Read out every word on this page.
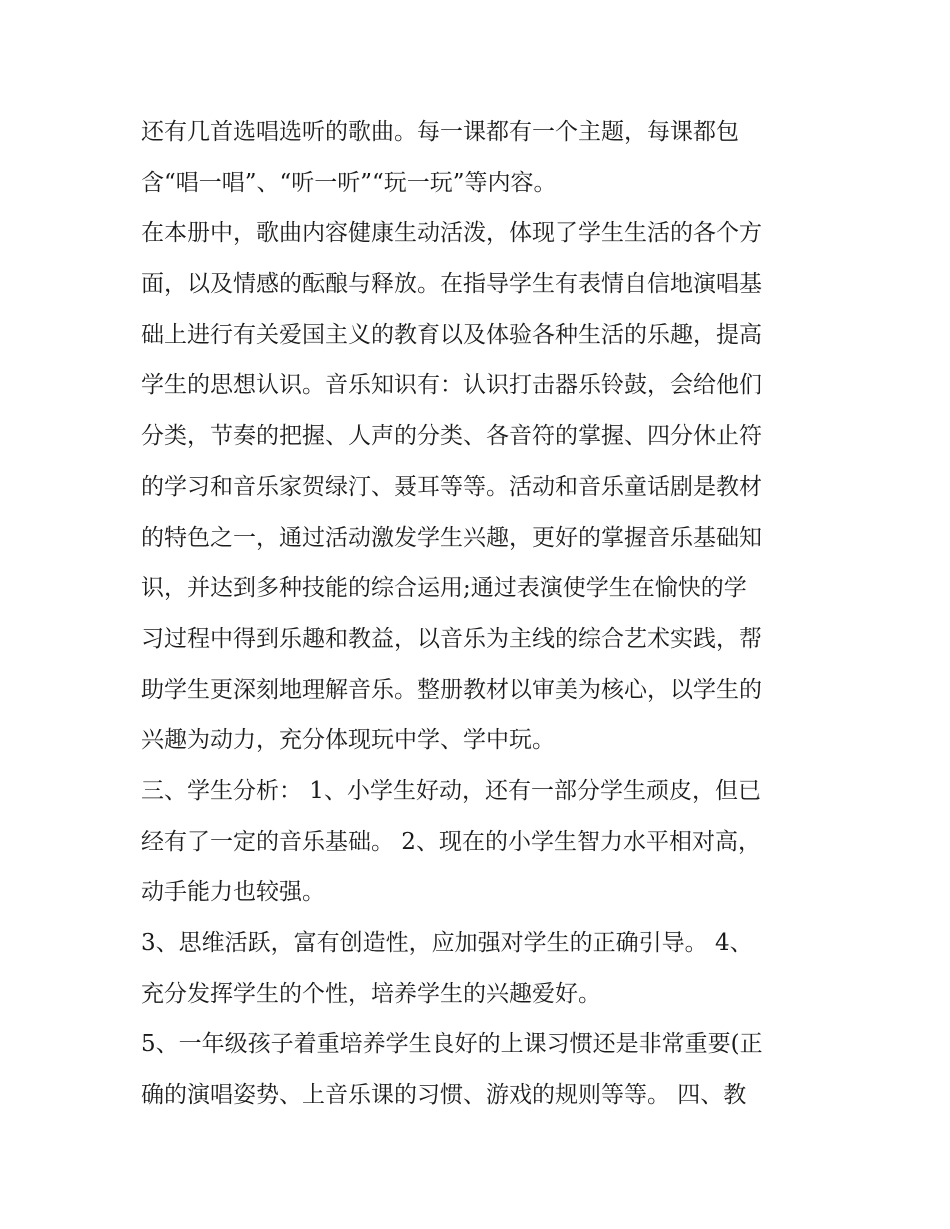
还有几首选唱选听的歌曲。每一课都有一个主题，每课都包
含“唱一唱”、“听一听”“玩一玩”等内容。
在本册中，歌曲内容健康生动活泼，体现了学生生活的各个方
面，以及情感的酝酿与释放。在指导学生有表情自信地演唱基
础上进行有关爱国主义的教育以及体验各种生活的乐趣，提高
学生的思想认识。音乐知识有：认识打击器乐铃鼓，会给他们
分类，节奏的把握、人声的分类、各音符的掌握、四分休止符
的学习和音乐家贺绿汀、聂耳等等。活动和音乐童话剧是教材
的特色之一，通过活动激发学生兴趣，更好的掌握音乐基础知
识，并达到多种技能的综合运用;通过表演使学生在愉快的学
习过程中得到乐趣和教益，以音乐为主线的综合艺术实践，帮
助学生更深刻地理解音乐。整册教材以审美为核心，以学生的
兴趣为动力，充分体现玩中学、学中玩。
三、学生分析： 1、小学生好动，还有一部分学生顽皮，但已
经有了一定的音乐基础。 2、现在的小学生智力水平相对高，
动手能力也较强。
3、思维活跃，富有创造性，应加强对学生的正确引导。 4、
充分发挥学生的个性，培养学生的兴趣爱好。
5、一年级孩子着重培养学生良好的上课习惯还是非常重要(正
确的演唱姿势、上音乐课的习惯、游戏的规则等等。 四、教
